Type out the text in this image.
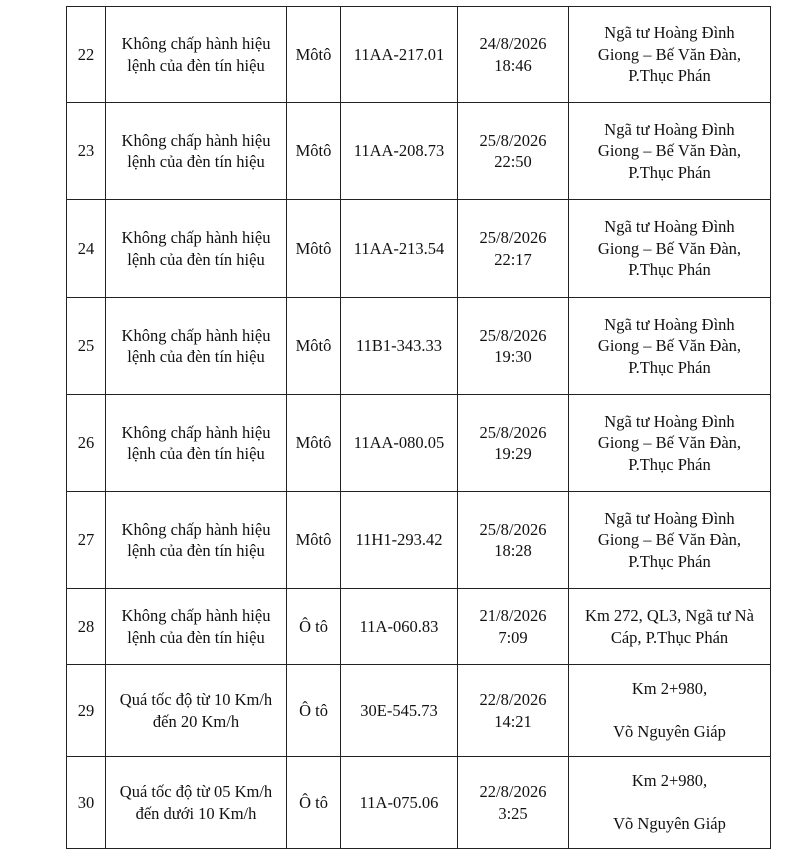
22	Không chấp hành hiệu
lệnh của đèn tín hiệu	Môtô	11AA-217.01	24/8/2026
18:46	Ngã tư Hoàng Đình
Giong – Bế Văn Đàn,
P.Thục Phán

23	Không chấp hành hiệu
lệnh của đèn tín hiệu	Môtô	11AA-208.73	25/8/2026
22:50	Ngã tư Hoàng Đình
Giong – Bế Văn Đàn,
P.Thục Phán

24	Không chấp hành hiệu
lệnh của đèn tín hiệu	Môtô	11AA-213.54	25/8/2026
22:17	Ngã tư Hoàng Đình
Giong – Bế Văn Đàn,
P.Thục Phán

25	Không chấp hành hiệu
lệnh của đèn tín hiệu	Môtô	11B1-343.33	25/8/2026
19:30	Ngã tư Hoàng Đình
Giong – Bế Văn Đàn,
P.Thục Phán

26	Không chấp hành hiệu
lệnh của đèn tín hiệu	Môtô	11AA-080.05	25/8/2026
19:29	Ngã tư Hoàng Đình
Giong – Bế Văn Đàn,
P.Thục Phán

27	Không chấp hành hiệu
lệnh của đèn tín hiệu	Môtô	11H1-293.42	25/8/2026
18:28	Ngã tư Hoàng Đình
Giong – Bế Văn Đàn,
P.Thục Phán

28	Không chấp hành hiệu
lệnh của đèn tín hiệu	Ô tô	11A-060.83	21/8/2026
7:09	Km 272, QL3, Ngã tư Nà
Cáp, P.Thục Phán

29	Quá tốc độ từ 10 Km/h
đến 20 Km/h	Ô tô	30E-545.73	22/8/2026
14:21	Km 2+980,
Võ Nguyên Giáp

30	Quá tốc độ từ 05 Km/h
đến dưới 10 Km/h	Ô tô	11A-075.06	22/8/2026
3:25	Km 2+980,
Võ Nguyên Giáp
